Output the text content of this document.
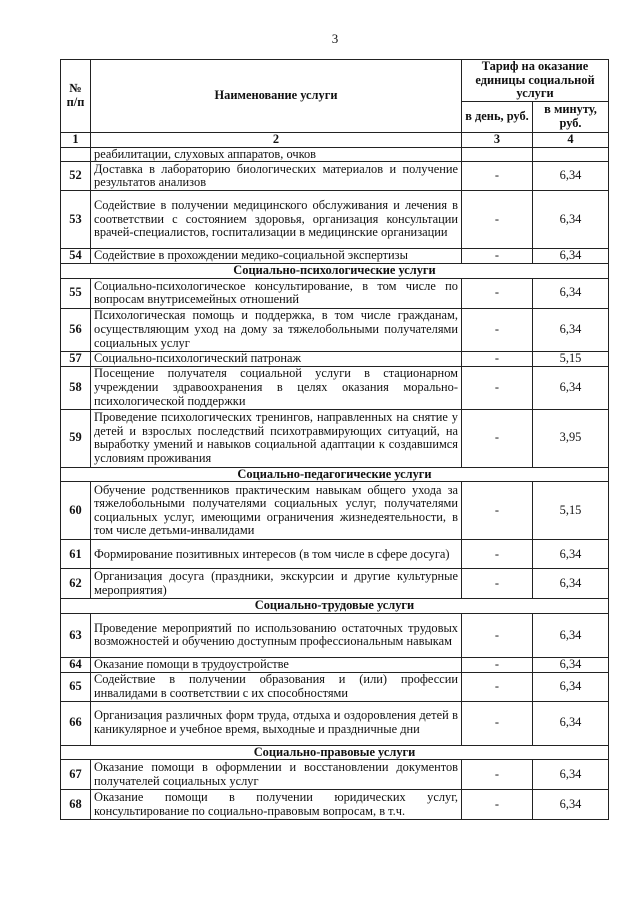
3
№ п/п	Наименование услуги	Тариф на оказание единицы социальной услуги	
		в день, руб.	в минуту, руб.
1	2	3	4
	реабилитации, слуховых аппаратов, очков		
52	Доставка в лабораторию биологических материалов и получение результатов анализов	-	6,34
53	Содействие в получении медицинского обслуживания и лечения в соответствии с состоянием здоровья, организация консультации врачей-специалистов, госпитализации в медицинские организации	-	6,34
54	Содействие в прохождении медико-социальной экспертизы	-	6,34
Социально-психологические услуги			
55	Социально-психологическое консультирование, в том числе по вопросам внутрисемейных отношений	-	6,34
56	Психологическая помощь и поддержка, в том числе гражданам, осуществляющим уход на дому за тяжелобольными получателями социальных услуг	-	6,34
57	Социально-психологический патронаж	-	5,15
58	Посещение получателя социальной услуги в стационарном учреждении здравоохранения в целях оказания морально-психологической поддержки	-	6,34
59	Проведение психологических тренингов, направленных на снятие у детей и взрослых последствий психотравмирующих ситуаций, на выработку умений и навыков социальной адаптации к создавшимся условиям проживания	-	3,95
Социально-педагогические услуги			
60	Обучение родственников практическим навыкам общего ухода за тяжелобольными получателями социальных услуг, получателями социальных услуг, имеющими ограничения жизнедеятельности, в том числе детьми-инвалидами	-	5,15
61	Формирование позитивных интересов (в том числе в сфере досуга)	-	6,34
62	Организация досуга (праздники, экскурсии и другие культурные мероприятия)	-	6,34
Социально-трудовые услуги			
63	Проведение мероприятий по использованию остаточных трудовых возможностей и обучению доступным профессиональным навыкам	-	6,34
64	Оказание помощи в трудоустройстве	-	6,34
65	Содействие в получении образования и (или) профессии инвалидами в соответствии с их способностями	-	6,34
66	Организация различных форм труда, отдыха и оздоровления детей в каникулярное и учебное время, выходные и праздничные дни	-	6,34
Социально-правовые услуги			
67	Оказание помощи в оформлении и восстановлении документов получателей социальных услуг	-	6,34
68	Оказание помощи в получении юридических услуг, консультирование по социально-правовым вопросам, в т.ч.	-	6,34
